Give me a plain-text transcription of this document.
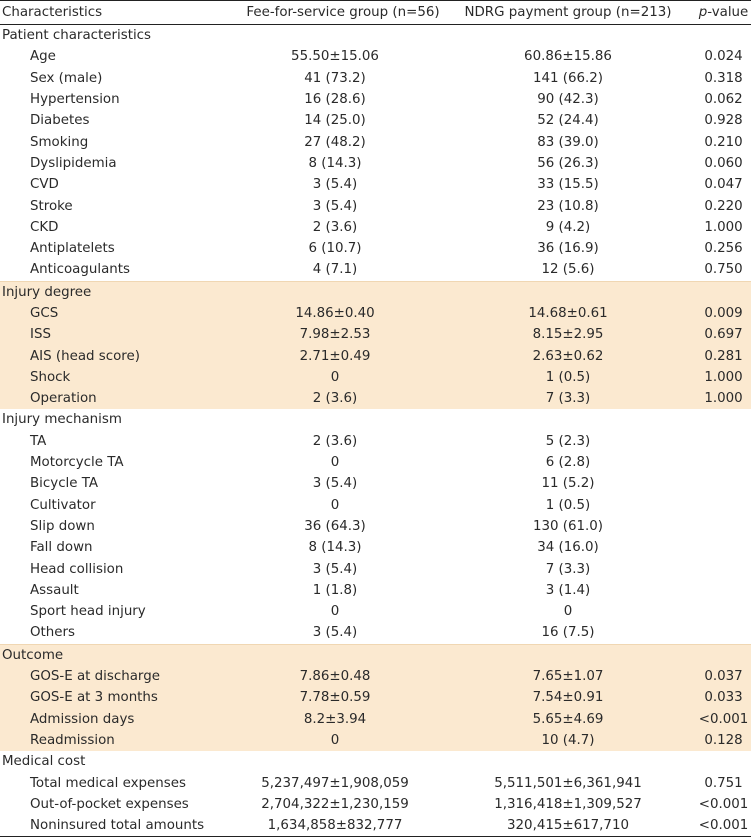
Characteristics	Fee-for-service group (n=56)	NDRG payment group (n=213)	p-value
Patient characteristics			
Age	55.50±15.06	60.86±15.86	0.024
Sex (male)	41 (73.2)	141 (66.2)	0.318
Hypertension	16 (28.6)	90 (42.3)	0.062
Diabetes	14 (25.0)	52 (24.4)	0.928
Smoking	27 (48.2)	83 (39.0)	0.210
Dyslipidemia	8 (14.3)	56 (26.3)	0.060
CVD	3 (5.4)	33 (15.5)	0.047
Stroke	3 (5.4)	23 (10.8)	0.220
CKD	2 (3.6)	9 (4.2)	1.000
Antiplatelets	6 (10.7)	36 (16.9)	0.256
Anticoagulants	4 (7.1)	12 (5.6)	0.750
Injury degree			
GCS	14.86±0.40	14.68±0.61	0.009
ISS	7.98±2.53	8.15±2.95	0.697
AIS (head score)	2.71±0.49	2.63±0.62	0.281
Shock	0	1 (0.5)	1.000
Operation	2 (3.6)	7 (3.3)	1.000
Injury mechanism			
TA	2 (3.6)	5 (2.3)	
Motorcycle TA	0	6 (2.8)	
Bicycle TA	3 (5.4)	11 (5.2)	
Cultivator	0	1 (0.5)	
Slip down	36 (64.3)	130 (61.0)	
Fall down	8 (14.3)	34 (16.0)	
Head collision	3 (5.4)	7 (3.3)	
Assault	1 (1.8)	3 (1.4)	
Sport head injury	0	0	
Others	3 (5.4)	16 (7.5)	
Outcome			
GOS-E at discharge	7.86±0.48	7.65±1.07	0.037
GOS-E at 3 months	7.78±0.59	7.54±0.91	0.033
Admission days	8.2±3.94	5.65±4.69	<0.001
Readmission	0	10 (4.7)	0.128
Medical cost			
Total medical expenses	5,237,497±1,908,059	5,511,501±6,361,941	0.751
Out-of-pocket expenses	2,704,322±1,230,159	1,316,418±1,309,527	<0.001
Noninsured total amounts	1,634,858±832,777	320,415±617,710	<0.001
